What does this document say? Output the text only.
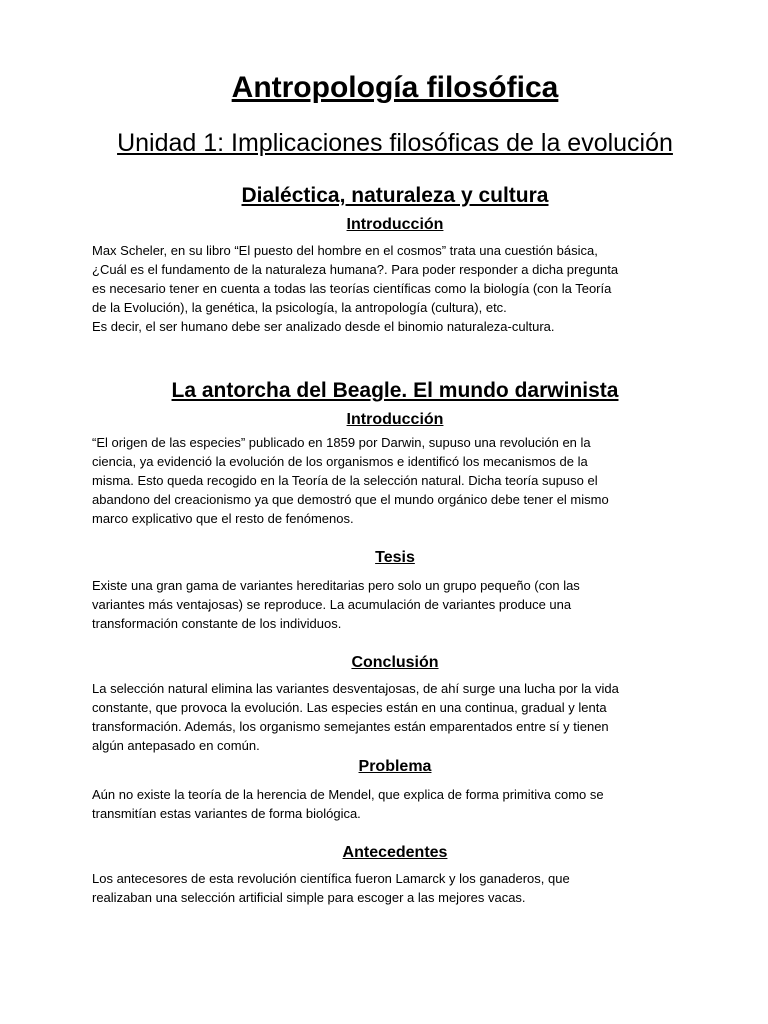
Antropología filosófica
Unidad 1: Implicaciones filosóficas de la evolución
Dialéctica, naturaleza y cultura
Introducción

Max Scheler, en su libro “El puesto del hombre en el cosmos” trata una cuestión básica,
¿Cuál es el fundamento de la naturaleza humana?. Para poder responder a dicha pregunta
es necesario tener en cuenta a todas las teorías científicas como la biología (con la Teoría
de la Evolución), la genética, la psicología, la antropología (cultura), etc.
Es decir, el ser humano debe ser analizado desde el binomio naturaleza-cultura.

La antorcha del Beagle. El mundo darwinista
Introducción

“El origen de las especies” publicado en 1859 por Darwin, supuso una revolución en la
ciencia, ya evidenció la evolución de los organismos e identificó los mecanismos de la
misma. Esto queda recogido en la Teoría de la selección natural. Dicha teoría supuso el
abandono del creacionismo ya que demostró que el mundo orgánico debe tener el mismo
marco explicativo que el resto de fenómenos.

Tesis

Existe una gran gama de variantes hereditarias pero solo un grupo pequeño (con las
variantes más ventajosas) se reproduce. La acumulación de variantes produce una
transformación constante de los individuos.

Conclusión

La selección natural elimina las variantes desventajosas, de ahí surge una lucha por la vida
constante, que provoca la evolución. Las especies están en una continua, gradual y lenta
transformación. Además, los organismo semejantes están emparentados entre sí y tienen
algún antepasado en común.

Problema

Aún no existe la teoría de la herencia de Mendel, que explica de forma primitiva como se
transmitían estas variantes de forma biológica.

Antecedentes

Los antecesores de esta revolución científica fueron Lamarck y los ganaderos, que
realizaban una selección artificial simple para escoger a las mejores vacas.
